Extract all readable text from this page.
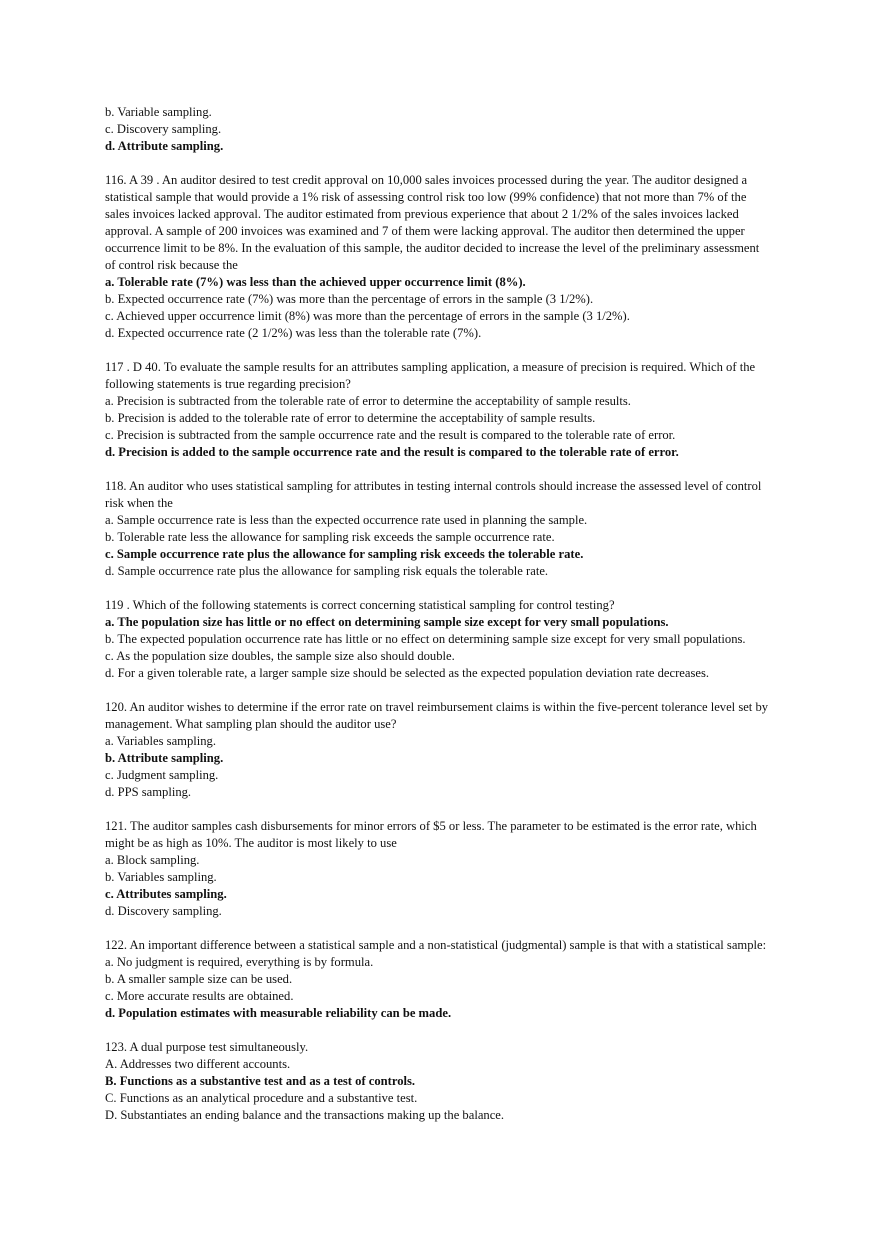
b. Variable sampling.
c. Discovery sampling.
d. Attribute sampling.
116. A 39 . An auditor desired to test credit approval on 10,000 sales invoices processed during the year. The auditor designed a statistical sample that would provide a 1% risk of assessing control risk too low (99% confidence) that not more than 7% of the sales invoices lacked approval. The auditor estimated from previous experience that about 2 1/2% of the sales invoices lacked approval. A sample of 200 invoices was examined and 7 of them were lacking approval. The auditor then determined the upper occurrence limit to be 8%. In the evaluation of this sample, the auditor decided to increase the level of the preliminary assessment of control risk because the
a. Tolerable rate (7%) was less than the achieved upper occurrence limit (8%).
b. Expected occurrence rate (7%) was more than the percentage of errors in the sample (3 1/2%).
c. Achieved upper occurrence limit (8%) was more than the percentage of errors in the sample (3 1/2%).
d. Expected occurrence rate (2 1/2%) was less than the tolerable rate (7%).
117 . D 40. To evaluate the sample results for an attributes sampling application, a measure of precision is required. Which of the following statements is true regarding precision?
a. Precision is subtracted from the tolerable rate of error to determine the acceptability of sample results.
b. Precision is added to the tolerable rate of error to determine the acceptability of sample results.
c. Precision is subtracted from the sample occurrence rate and the result is compared to the tolerable rate of error.
d. Precision is added to the sample occurrence rate and the result is compared to the tolerable rate of error.
118. An auditor who uses statistical sampling for attributes in testing internal controls should increase the assessed level of control risk when the
a. Sample occurrence rate is less than the expected occurrence rate used in planning the sample.
b. Tolerable rate less the allowance for sampling risk exceeds the sample occurrence rate.
c. Sample occurrence rate plus the allowance for sampling risk exceeds the tolerable rate.
d. Sample occurrence rate plus the allowance for sampling risk equals the tolerable rate.
119 . Which of the following statements is correct concerning statistical sampling for control testing?
a. The population size has little or no effect on determining sample size except for very small populations.
b. The expected population occurrence rate has little or no effect on determining sample size except for very small populations.
c. As the population size doubles, the sample size also should double.
d. For a given tolerable rate, a larger sample size should be selected as the expected population deviation rate decreases.
120. An auditor wishes to determine if the error rate on travel reimbursement claims is within the five-percent tolerance level set by management. What sampling plan should the auditor use?
a. Variables sampling.
b. Attribute sampling.
c. Judgment sampling.
d. PPS sampling.
121. The auditor samples cash disbursements for minor errors of $5 or less. The parameter to be estimated is the error rate, which might be as high as 10%. The auditor is most likely to use
a. Block sampling.
b. Variables sampling.
c. Attributes sampling.
d. Discovery sampling.
122. An important difference between a statistical sample and a non-statistical (judgmental) sample is that with a statistical sample:
a. No judgment is required, everything is by formula.
b. A smaller sample size can be used.
c. More accurate results are obtained.
d. Population estimates with measurable reliability can be made.
123. A dual purpose test simultaneously.
A. Addresses two different accounts.
B. Functions as a substantive test and as a test of controls.
C. Functions as an analytical procedure and a substantive test.
D. Substantiates an ending balance and the transactions making up the balance.
